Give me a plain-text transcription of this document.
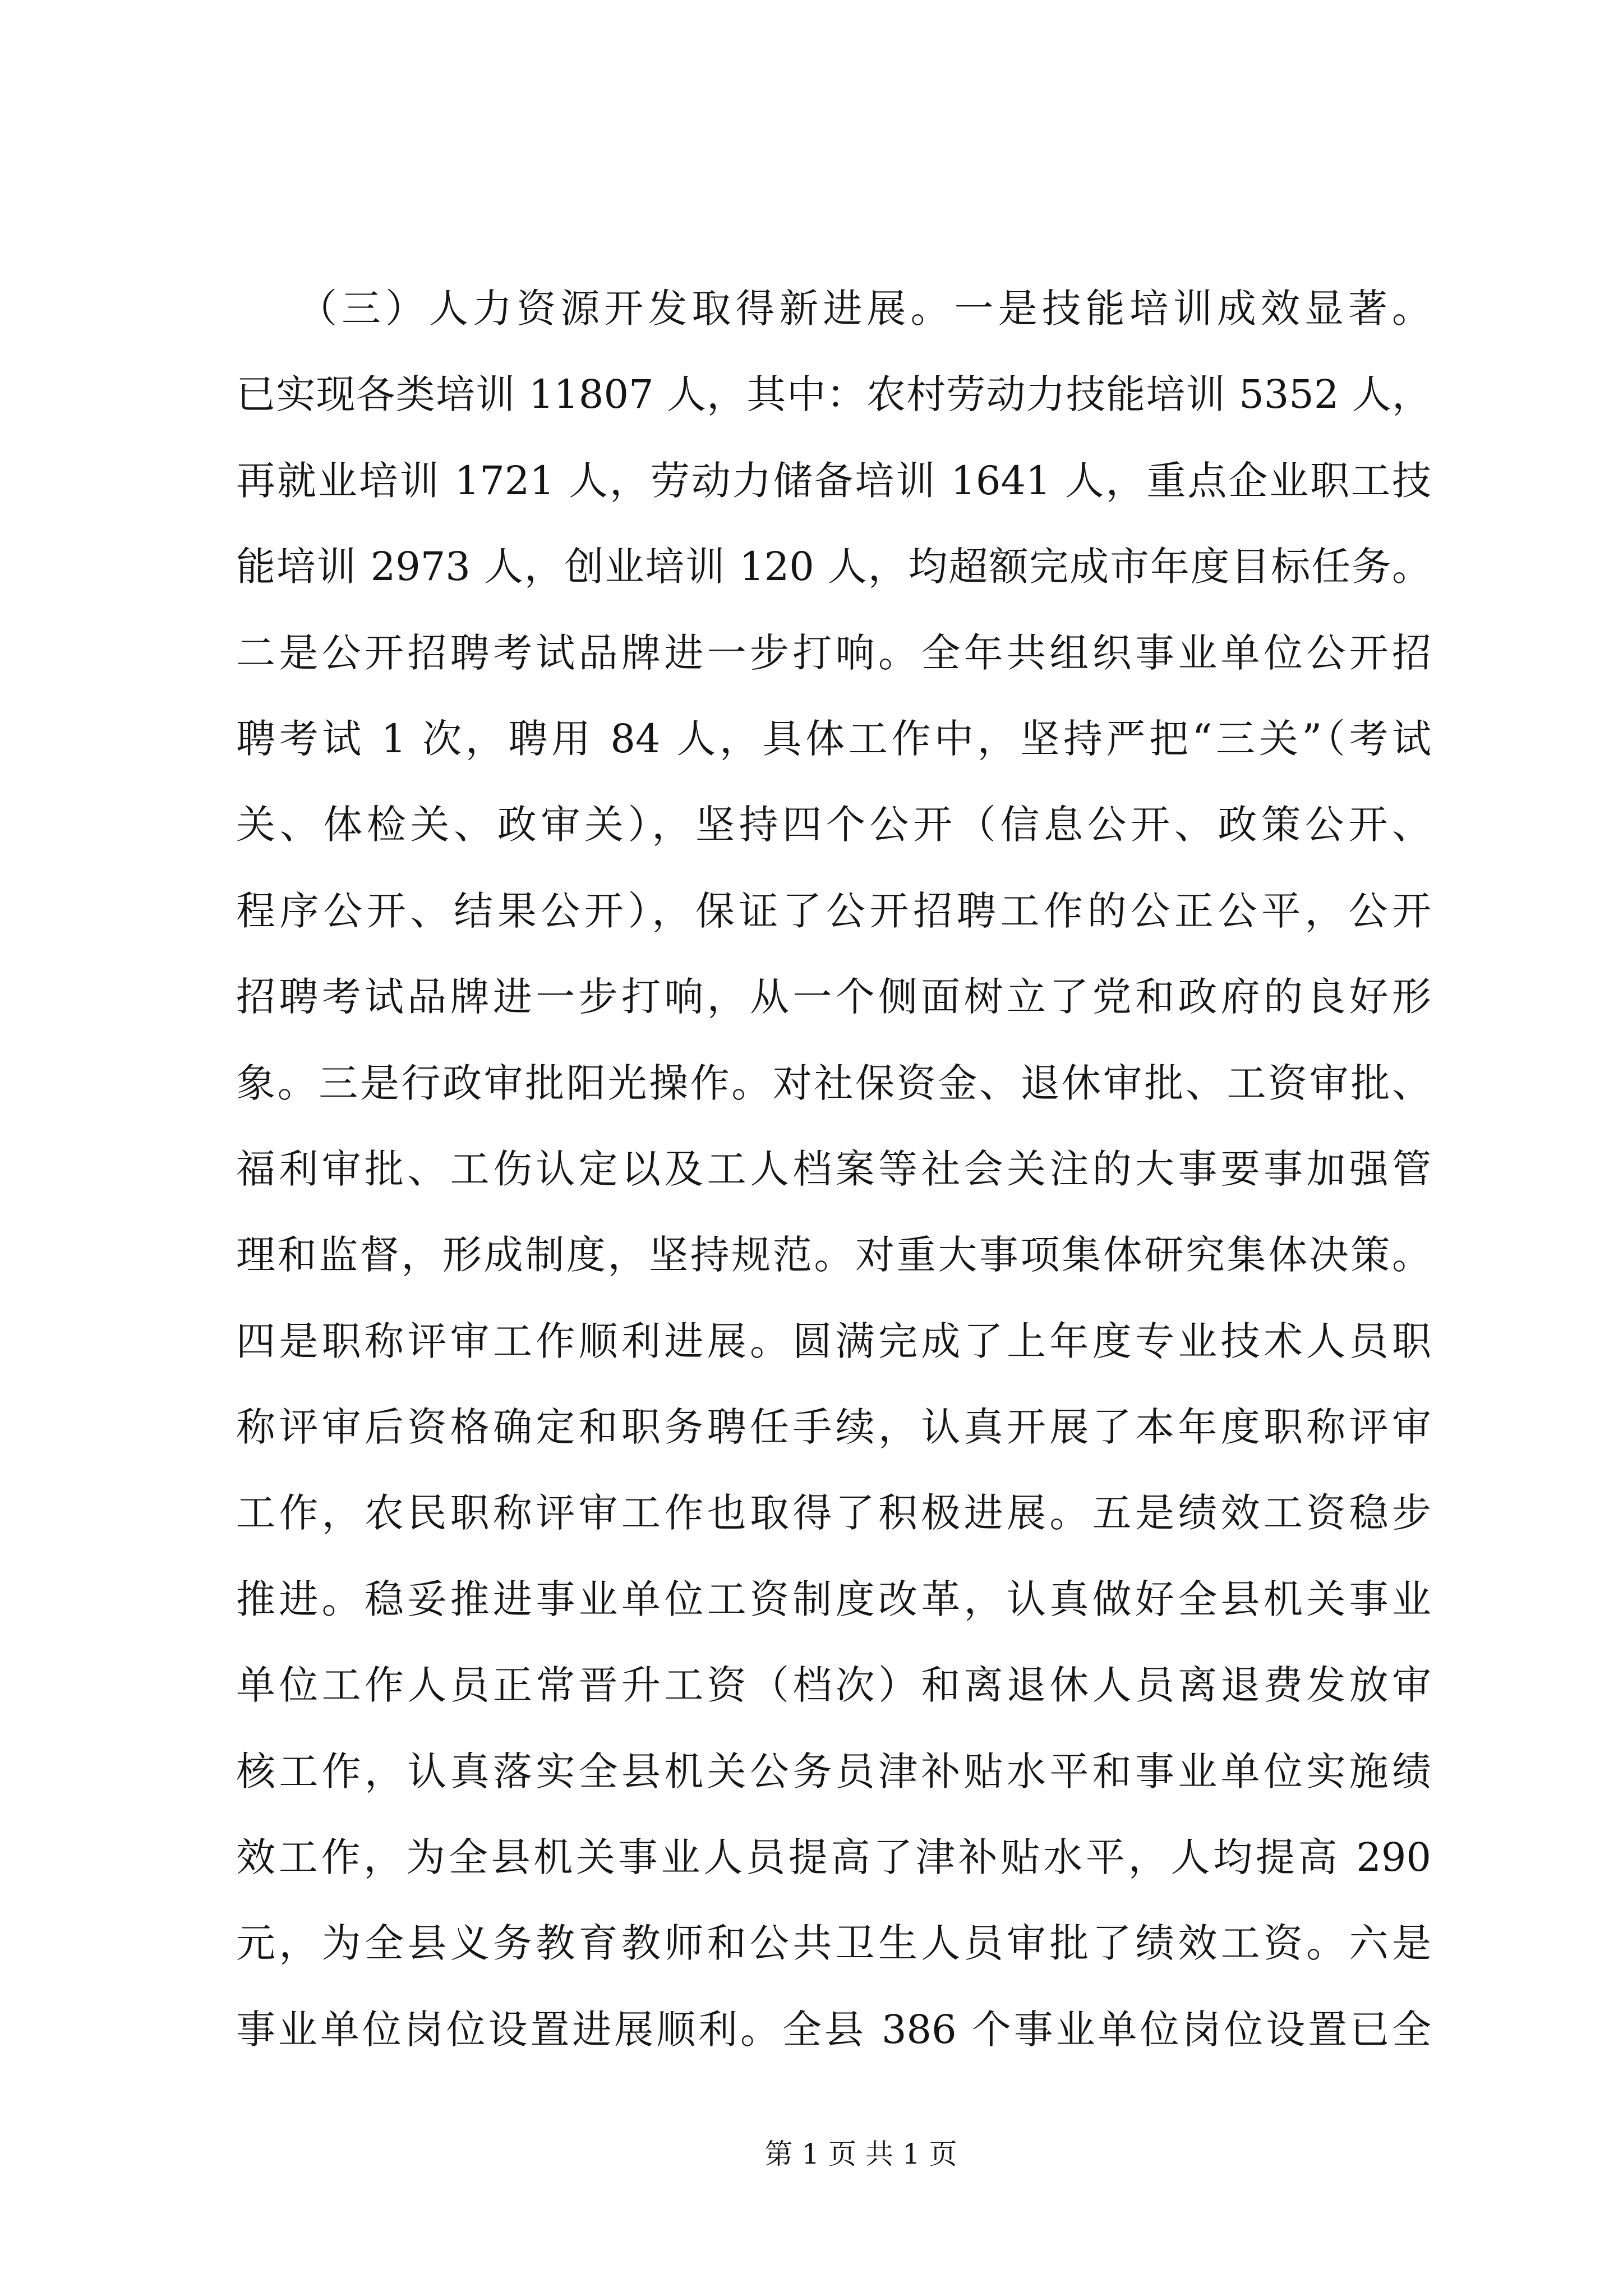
（三）人力资源开发取得新进展。一是技能培训成效显著。
已实现各类培训 11807 人，其中：农村劳动力技能培训 5352 人，
再就业培训 1721 人，劳动力储备培训 1641 人，重点企业职工技
能培训 2973 人，创业培训 120 人，均超额完成市年度目标任务。
二是公开招聘考试品牌进一步打响。全年共组织事业单位公开招
聘考试 1 次，聘用 84 人，具体工作中，坚持严把“三关”（考试
关、体检关、政审关），坚持四个公开（信息公开、政策公开、
程序公开、结果公开），保证了公开招聘工作的公正公平，公开
招聘考试品牌进一步打响，从一个侧面树立了党和政府的良好形
象。三是行政审批阳光操作。对社保资金、退休审批、工资审批、
福利审批、工伤认定以及工人档案等社会关注的大事要事加强管
理和监督，形成制度，坚持规范。对重大事项集体研究集体决策。
四是职称评审工作顺利进展。圆满完成了上年度专业技术人员职
称评审后资格确定和职务聘任手续，认真开展了本年度职称评审
工作，农民职称评审工作也取得了积极进展。五是绩效工资稳步
推进。稳妥推进事业单位工资制度改革，认真做好全县机关事业
单位工作人员正常晋升工资（档次）和离退休人员离退费发放审
核工作，认真落实全县机关公务员津补贴水平和事业单位实施绩
效工作，为全县机关事业人员提高了津补贴水平，人均提高 290
元，为全县义务教育教师和公共卫生人员审批了绩效工资。六是
事业单位岗位设置进展顺利。全县 386 个事业单位岗位设置已全
第 1 页 共 1 页
